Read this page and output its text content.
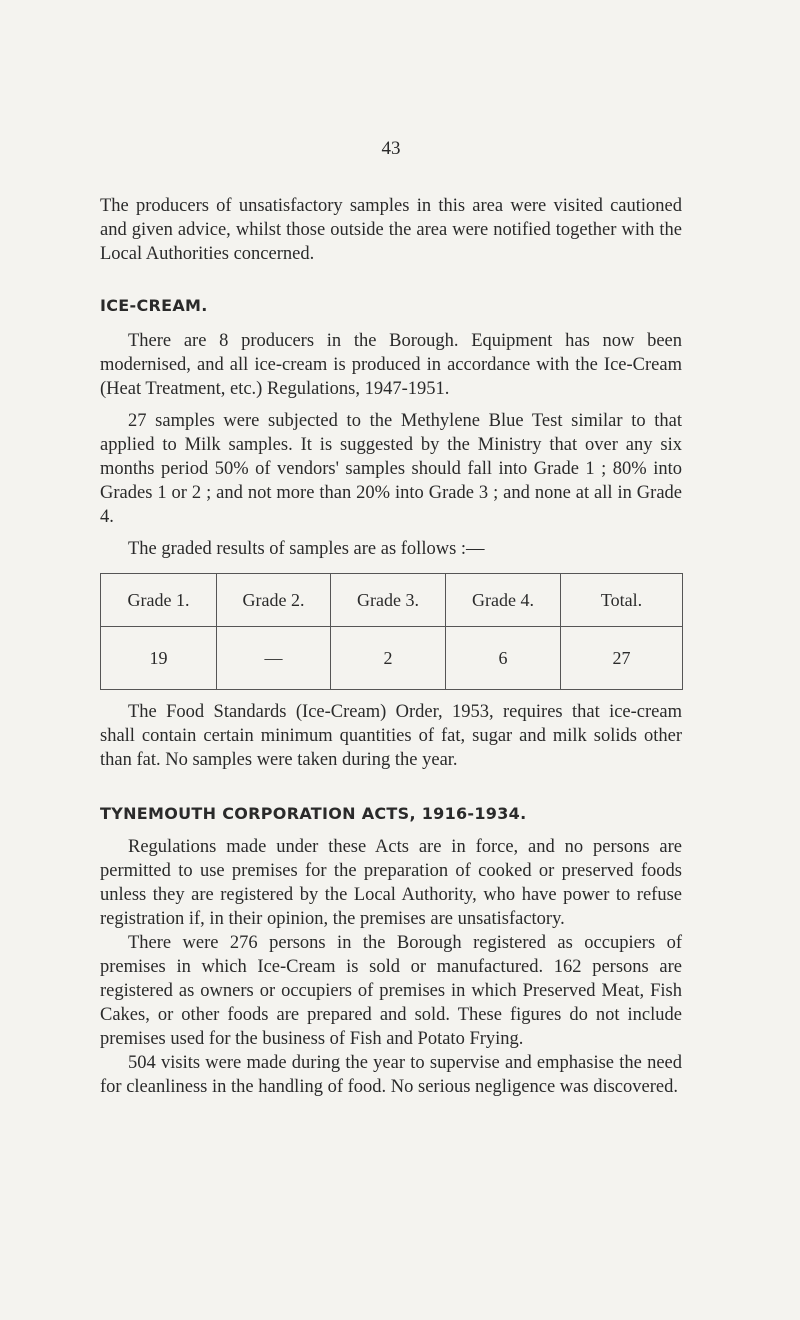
43

The producers of unsatisfactory samples in this area were visited cautioned and given advice, whilst those outside the area were notified together with the Local Authorities concerned.

ICE-CREAM.

There are 8 producers in the Borough. Equipment has now been modernised, and all ice-cream is produced in accordance with the Ice-Cream (Heat Treatment, etc.) Regulations, 1947-1951.

27 samples were subjected to the Methylene Blue Test similar to that applied to Milk samples. It is suggested by the Ministry that over any six months period 50% of vendors' samples should fall into Grade 1 ; 80% into Grades 1 or 2 ; and not more than 20% into Grade 3 ; and none at all in Grade 4.

The graded results of samples are as follows :—

Grade 1.	Grade 2.	Grade 3.	Grade 4.	Total.
19	—	2	6	27

The Food Standards (Ice-Cream) Order, 1953, requires that ice-cream shall contain certain minimum quantities of fat, sugar and milk solids other than fat. No samples were taken during the year.

TYNEMOUTH CORPORATION ACTS, 1916-1934.

Regulations made under these Acts are in force, and no persons are permitted to use premises for the preparation of cooked or preserved foods unless they are registered by the Local Authority, who have power to refuse registration if, in their opinion, the premises are unsatisfactory.

There were 276 persons in the Borough registered as occupiers of premises in which Ice-Cream is sold or manufactured. 162 persons are registered as owners or occupiers of premises in which Preserved Meat, Fish Cakes, or other foods are prepared and sold. These figures do not include premises used for the business of Fish and Potato Frying.

504 visits were made during the year to supervise and emphasise the need for cleanliness in the handling of food. No serious negligence was discovered.
